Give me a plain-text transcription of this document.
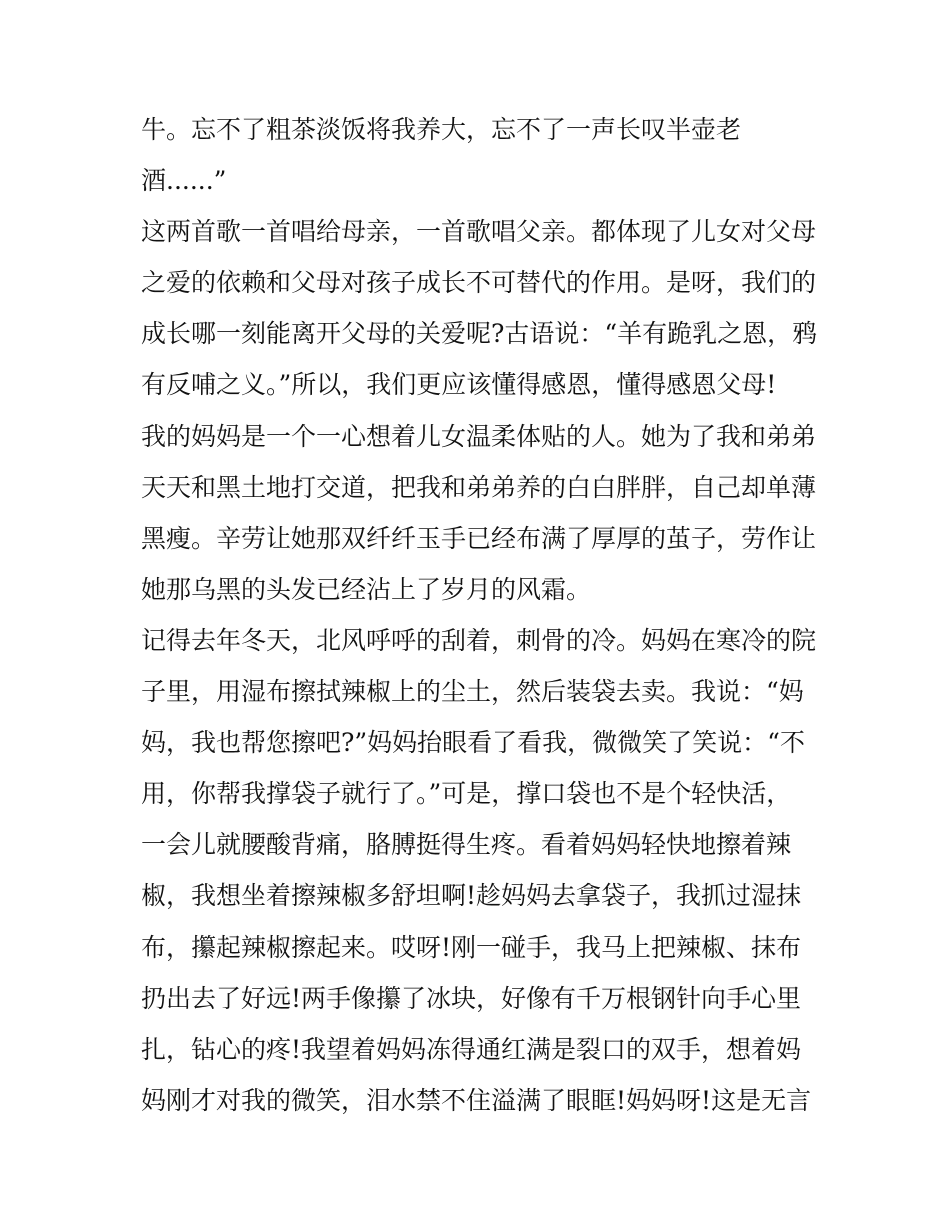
牛。忘不了粗茶淡饭将我养大，忘不了一声长叹半壶老
酒......”
这两首歌一首唱给母亲，一首歌唱父亲。都体现了儿女对父母
之爱的依赖和父母对孩子成长不可替代的作用。是呀，我们的
成长哪一刻能离开父母的关爱呢?古语说：“羊有跪乳之恩，鸦
有反哺之义。”所以，我们更应该懂得感恩，懂得感恩父母!
我的妈妈是一个一心想着儿女温柔体贴的人。她为了我和弟弟
天天和黑土地打交道，把我和弟弟养的白白胖胖，自己却单薄
黑瘦。辛劳让她那双纤纤玉手已经布满了厚厚的茧子，劳作让
她那乌黑的头发已经沾上了岁月的风霜。
记得去年冬天，北风呼呼的刮着，刺骨的冷。妈妈在寒冷的院
子里，用湿布擦拭辣椒上的尘土，然后装袋去卖。我说：“妈
妈，我也帮您擦吧?”妈妈抬眼看了看我，微微笑了笑说：“不
用，你帮我撑袋子就行了。”可是，撑口袋也不是个轻快活，
一会儿就腰酸背痛，胳膊挺得生疼。看着妈妈轻快地擦着辣
椒，我想坐着擦辣椒多舒坦啊!趁妈妈去拿袋子，我抓过湿抹
布，攥起辣椒擦起来。哎呀!刚一碰手，我马上把辣椒、抹布
扔出去了好远!两手像攥了冰块，好像有千万根钢针向手心里
扎，钻心的疼!我望着妈妈冻得通红满是裂口的双手，想着妈
妈刚才对我的微笑，泪水禁不住溢满了眼眶!妈妈呀!这是无言
